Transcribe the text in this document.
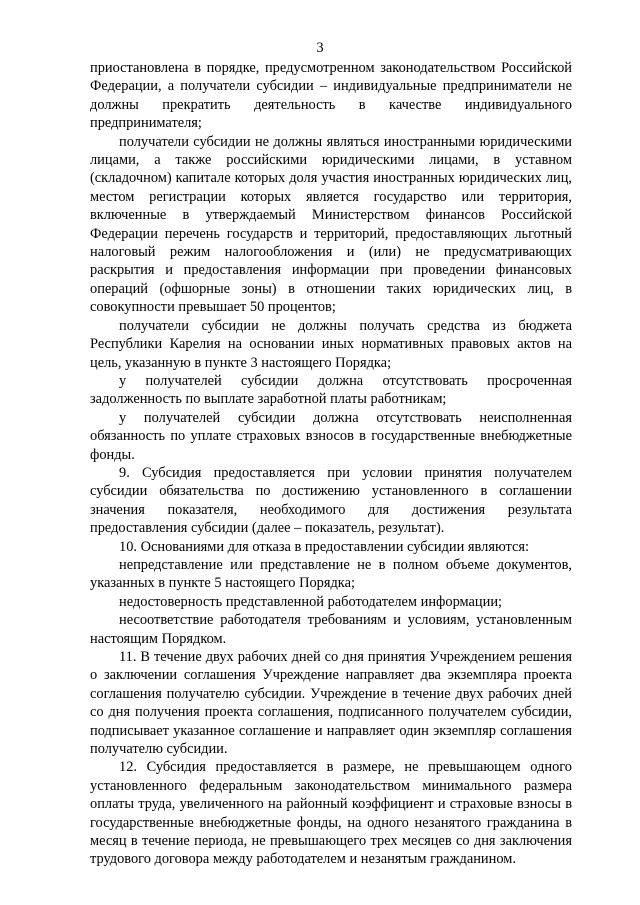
3

приостановлена в порядке, предусмотренном законодательством Российской Федерации, а получатели субсидии – индивидуальные предприниматели не должны прекратить деятельность в качестве индивидуального предпринимателя;

получатели субсидии не должны являться иностранными юридическими лицами, а также российскими юридическими лицами, в уставном (складочном) капитале которых доля участия иностранных юридических лиц, местом регистрации которых является государство или территория, включенные в утверждаемый Министерством финансов Российской Федерации перечень государств и территорий, предоставляющих льготный налоговый режим налогообложения и (или) не предусматривающих раскрытия и предоставления информации при проведении финансовых операций (офшорные зоны) в отношении таких юридических лиц, в совокупности превышает 50 процентов;

получатели субсидии не должны получать средства из бюджета Республики Карелия на основании иных нормативных правовых актов на цель, указанную в пункте 3 настоящего Порядка;

у получателей субсидии должна отсутствовать просроченная задолженность по выплате заработной платы работникам;

у получателей субсидии должна отсутствовать неисполненная обязанность по уплате страховых взносов в государственные внебюджетные фонды.

9. Субсидия предоставляется при условии принятия получателем субсидии обязательства по достижению установленного в соглашении значения показателя, необходимого для достижения результата предоставления субсидии (далее – показатель, результат).

10. Основаниями для отказа в предоставлении субсидии являются:

непредставление или представление не в полном объеме документов, указанных в пункте 5 настоящего Порядка;

недостоверность представленной работодателем информации;

несоответствие работодателя требованиям и условиям, установленным настоящим Порядком.

11. В течение двух рабочих дней со дня принятия Учреждением решения о заключении соглашения Учреждение направляет два экземпляра проекта соглашения получателю субсидии. Учреждение в течение двух рабочих дней со дня получения проекта соглашения, подписанного получателем субсидии, подписывает указанное соглашение и направляет один экземпляр соглашения получателю субсидии.

12. Субсидия предоставляется в размере, не превышающем одного установленного федеральным законодательством минимального размера оплаты труда, увеличенного на районный коэффициент и страховые взносы в государственные внебюджетные фонды, на одного незанятого гражданина в месяц в течение периода, не превышающего трех месяцев со дня заключения трудового договора между работодателем и незанятым гражданином.
